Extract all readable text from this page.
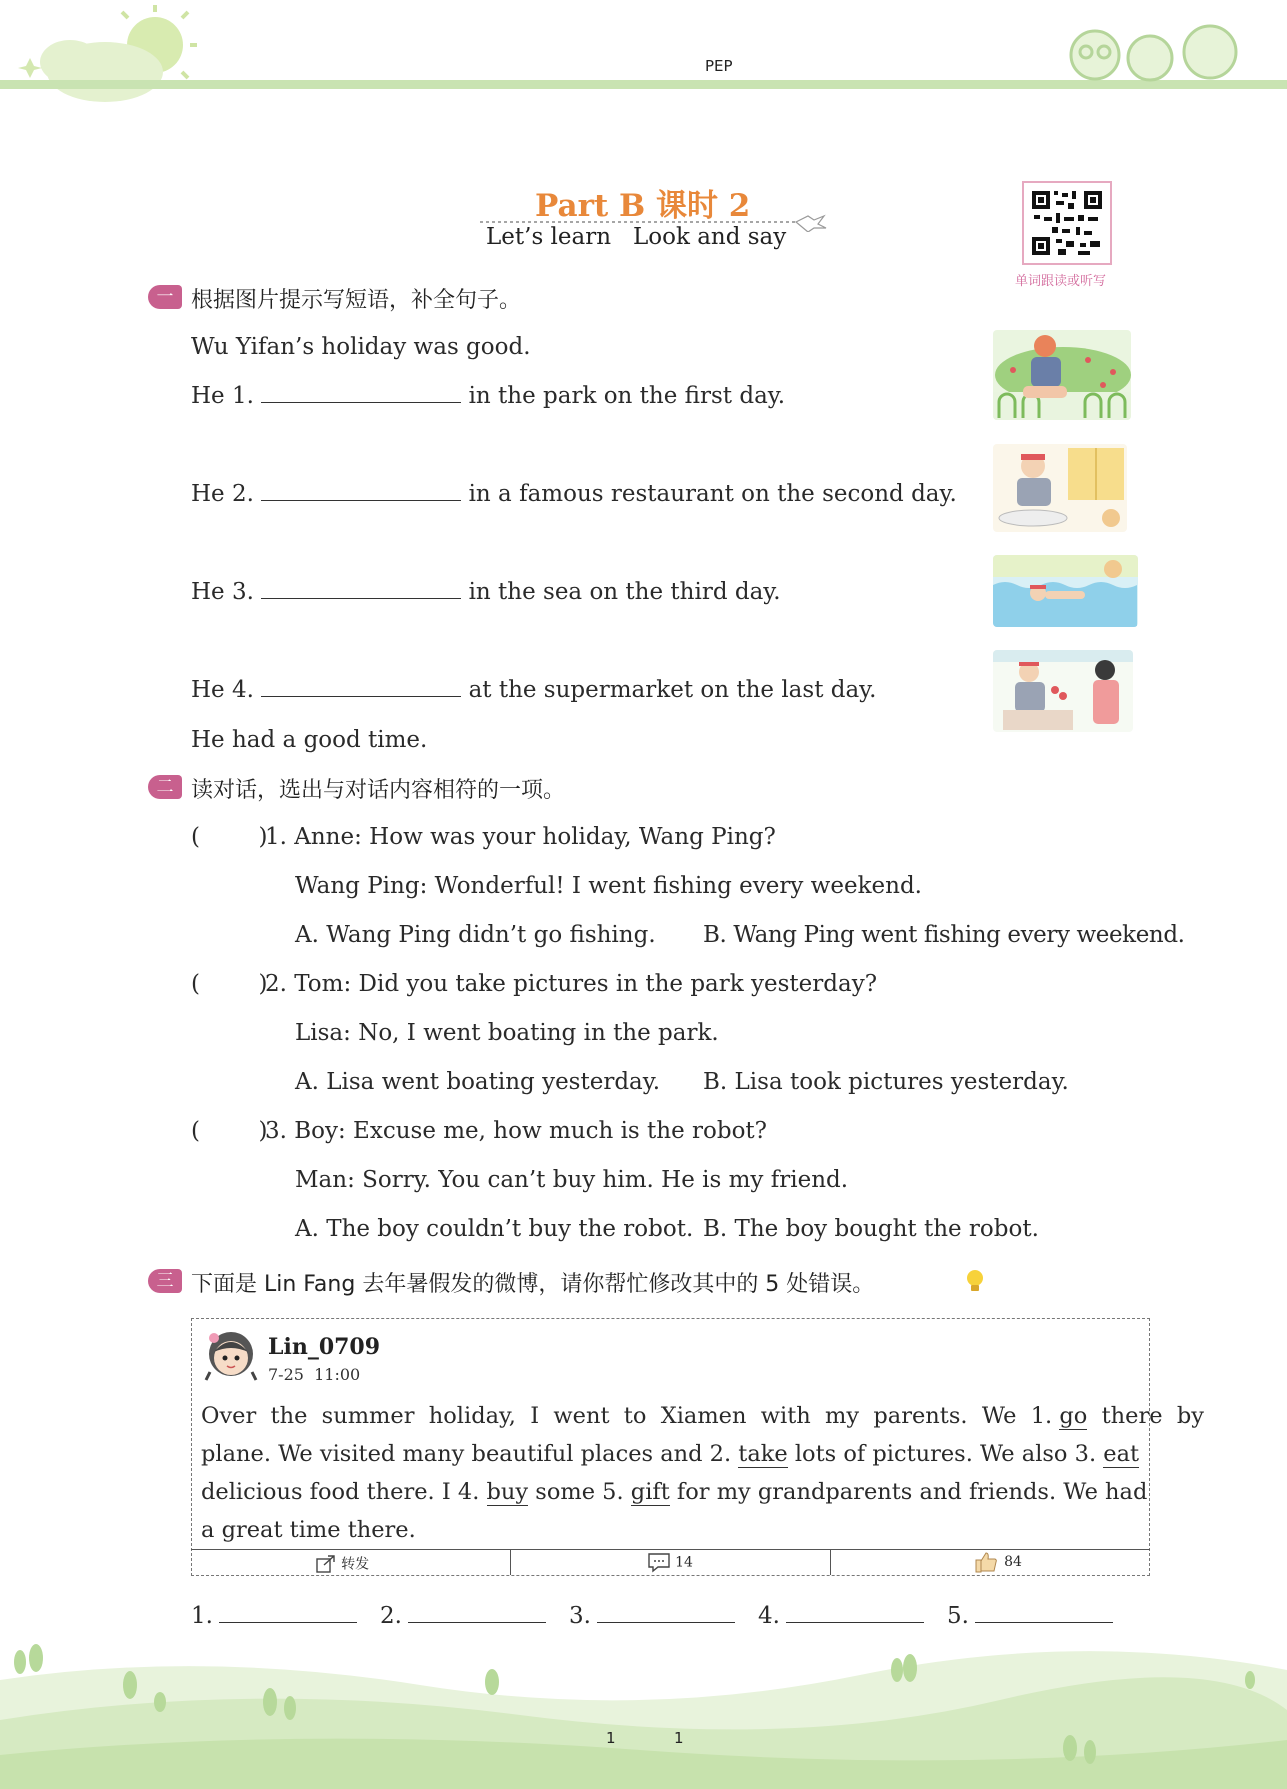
PEP
Part B 课时 2
Let’s learn   Look and say
单词跟读或听写
一 根据图片提示写短语，补全句子。
Wu Yifan’s holiday was good.
He 1.	in the park on the first day.
He 2.	in a famous restaurant on the second day.
He 3.	in the sea on the third day.
He 4.	at the supermarket on the last day.
He had a good time.
二 读对话，选出与对话内容相符的一项。
(        )
1. Anne: How was your holiday, Wang Ping?
Wang Ping: Wonderful! I went fishing every weekend.
A. Wang Ping didn’t go fishing. B. Wang Ping went fishing every weekend.
(        )
2. Tom: Did you take pictures in the park yesterday?
Lisa: No, I went boating in the park.
A. Lisa went boating yesterday. B. Lisa took pictures yesterday.
(        )
3. Boy: Excuse me, how much is the robot?
Man: Sorry. You can’t buy him. He is my friend.
A. The boy couldn’t buy the robot. B. The boy bought the robot.
三 下面是 Lin Fang 去年暑假发的微博，请你帮忙修改其中的 5 处错误。
Lin_0709
7-25  11:00
Over  the  summer  holiday,  I  went  to  Xiamen  with  my  parents.  We  1. go  there  by
plane. We visited many beautiful places and 2. take lots of pictures. We also 3. eat
delicious food there. I 4. buy some 5. gift for my grandparents and friends. We had
a great time there.
转发	14	84
1.	2.	3.	4.	5.
1	1
